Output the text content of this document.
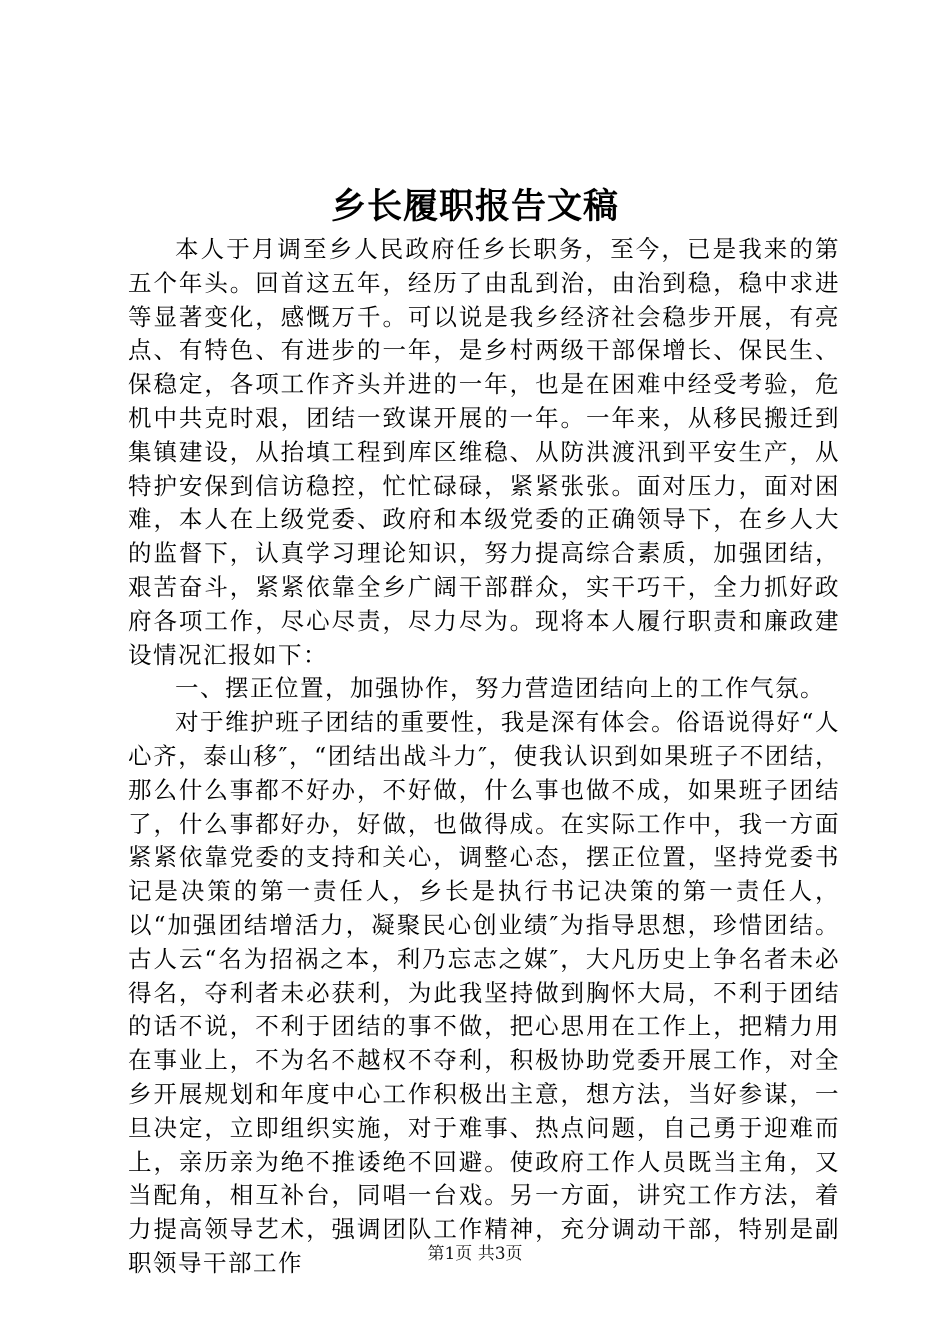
乡长履职报告文稿

本人于月调至乡人民政府任乡长职务，至今，已是我来的第五个年头。回首这五年，经历了由乱到治，由治到稳，稳中求进等显著变化，感慨万千。可以说是我乡经济社会稳步开展，有亮点、有特色、有进步的一年，是乡村两级干部保增长、保民生、保稳定，各项工作齐头并进的一年，也是在困难中经受考验，危机中共克时艰，团结一致谋开展的一年。一年来，从移民搬迁到集镇建设，从抬填工程到库区维稳、从防洪渡汛到平安生产，从特护安保到信访稳控，忙忙碌碌，紧紧张张。面对压力，面对困难，本人在上级党委、政府和本级党委的正确领导下，在乡人大的监督下，认真学习理论知识，努力提高综合素质，加强团结，艰苦奋斗，紧紧依靠全乡广阔干部群众，实干巧干，全力抓好政府各项工作，尽心尽责，尽力尽为。现将本人履行职责和廉政建设情况汇报如下：

一、摆正位置，加强协作，努力营造团结向上的工作气氛。

对于维护班子团结的重要性，我是深有体会。俗语说得好“人心齐，泰山移″，“团结出战斗力″，使我认识到如果班子不团结，那么什么事都不好办，不好做，什么事也做不成，如果班子团结了，什么事都好办，好做，也做得成。在实际工作中，我一方面紧紧依靠党委的支持和关心，调整心态，摆正位置，坚持党委书记是决策的第一责任人，乡长是执行书记决策的第一责任人，以“加强团结增活力，凝聚民心创业绩″为指导思想，珍惜团结。古人云“名为招祸之本，利乃忘志之媒″，大凡历史上争名者未必得名，夺利者未必获利，为此我坚持做到胸怀大局，不利于团结的话不说，不利于团结的事不做，把心思用在工作上，把精力用在事业上，不为名不越权不夺利，积极协助党委开展工作，对全乡开展规划和年度中心工作积极出主意，想方法，当好参谋，一旦决定，立即组织实施，对于难事、热点问题，自己勇于迎难而上，亲历亲为绝不推诿绝不回避。使政府工作人员既当主角，又当配角，相互补台，同唱一台戏。另一方面，讲究工作方法，着力提高领导艺术，强调团队工作精神，充分调动干部，特别是副职领导干部工作	第1页 共3页
